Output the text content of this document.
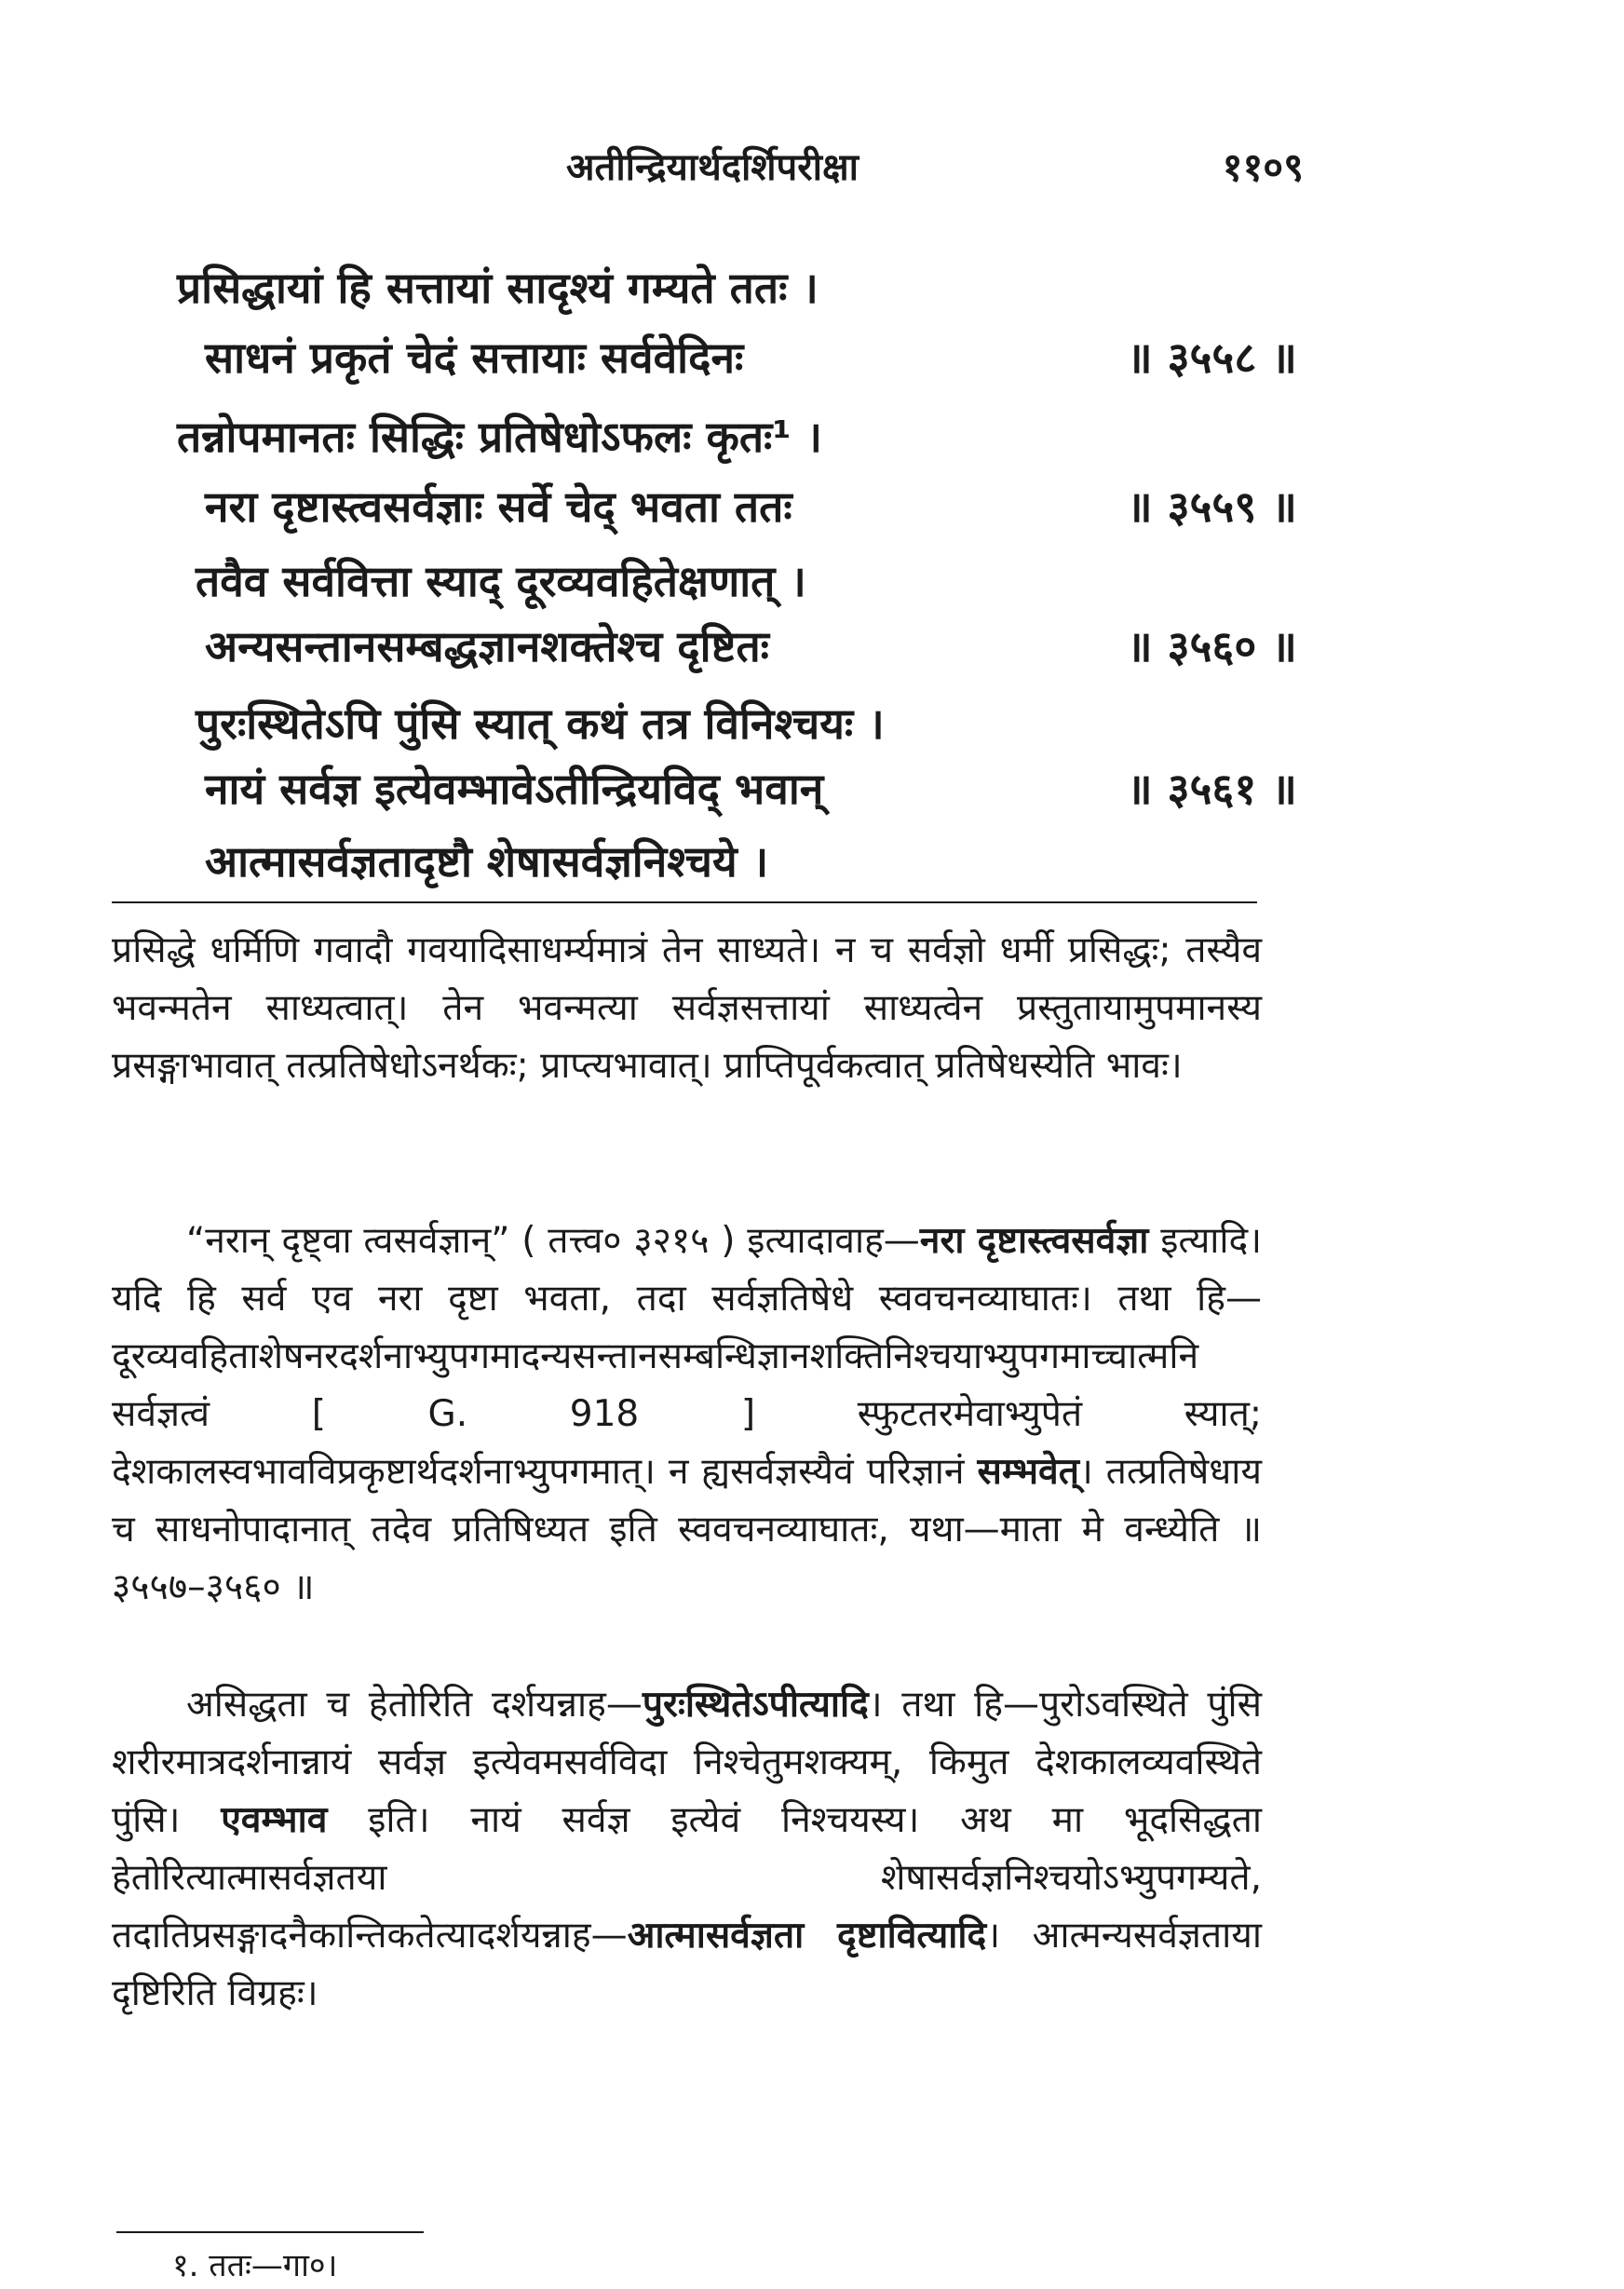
अतीन्द्रियार्थदर्शिपरीक्षा	११०९
प्रसिद्धायां हि सत्तायां सादृश्यं गम्यते ततः ।
साधनं प्रकृतं चेदं सत्तायाः सर्ववेदिनः	॥ ३५५८ ॥
तन्नोपमानतः सिद्धिः प्रतिषेधोऽफलः कृतः¹ ।
नरा दृष्टास्त्वसर्वज्ञाः सर्वे चेद् भवता ततः	॥ ३५५९ ॥
तवैव सर्ववित्ता स्याद् दूरव्यवहितेक्षणात् ।
अन्यसन्तानसम्बद्धज्ञानशक्तेश्च दृष्टितः	॥ ३५६० ॥
पुरःस्थितेऽपि पुंसि स्यात् कथं तत्र विनिश्चयः ।
नायं सर्वज्ञ इत्येवम्भावेऽतीन्द्रियविद् भवान्	॥ ३५६१ ॥
आत्मासर्वज्ञतादृष्टौ शेषासर्वज्ञनिश्चये ।

प्रसिद्धे धर्मिणि गवादौ गवयादिसाधर्म्यमात्रं तेन साध्यते। न च सर्वज्ञो धर्मी प्रसिद्धः; तस्यैव भवन्मतेन साध्यत्वात्। तेन भवन्मत्या सर्वज्ञसत्तायां साध्यत्वेन प्रस्तुतायामुपमानस्य प्रसङ्गाभावात् तत्प्रतिषेधोऽनर्थकः; प्राप्त्यभावात्। प्राप्तिपूर्वकत्वात् प्रतिषेधस्येति भावः।

“नरान् दृष्ट्वा त्वसर्वज्ञान्” ( तत्त्व० ३२१५ ) इत्यादावाह—नरा दृष्टास्त्वसर्वज्ञा इत्यादि। यदि हि सर्व एव नरा दृष्टा भवता, तदा सर्वज्ञतिषेधे स्ववचनव्याघातः। तथा हि—दूरव्यवहिताशेषनरदर्शनाभ्युपगमादन्यसन्तानसम्बन्धिज्ञानशक्तिनिश्चयाभ्युपगमाच्चात्मनि सर्वज्ञत्वं [ G. 918 ] स्फुटतरमेवाभ्युपेतं स्यात्; देशकालस्वभावविप्रकृष्टार्थदर्शनाभ्युपगमात्। न ह्यसर्वज्ञस्यैवं परिज्ञानं सम्भवेत्। तत्प्रतिषेधाय च साधनोपादानात् तदेव प्रतिषिध्यत इति स्ववचनव्याघातः, यथा—माता मे वन्ध्येति ॥ ३५५७–३५६० ॥

असिद्धता च हेतोरिति दर्शयन्नाह—पुरःस्थितेऽपीत्यादि। तथा हि—पुरोऽवस्थिते पुंसि शरीरमात्रदर्शनान्नायं सर्वज्ञ इत्येवमसर्वविदा निश्चेतुमशक्यम्, किमुत देशकालव्यवस्थिते पुंसि। एवम्भाव इति। नायं सर्वज्ञ इत्येवं निश्चयस्य। अथ मा भूदसिद्धता हेतोरित्यात्मासर्वज्ञतया शेषासर्वज्ञनिश्चयोऽभ्युपगम्यते, तदातिप्रसङ्गादनैकान्तिकतेत्यादर्शयन्नाह—आत्मासर्वज्ञता दृष्टावित्यादि। आत्मन्यसर्वज्ञताया दृष्टिरिति विग्रहः।

१. ततः—गा०।
